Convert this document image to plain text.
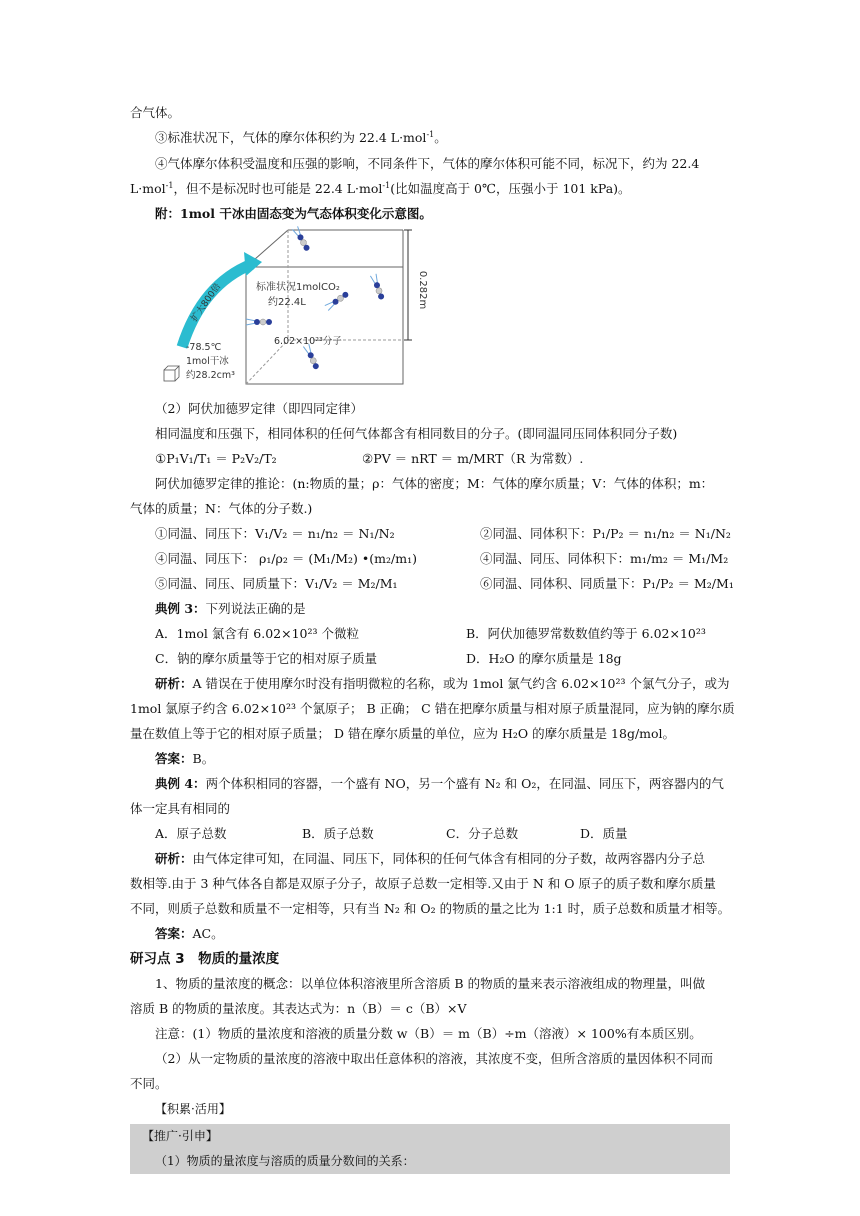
合气体。
③标准状况下，气体的摩尔体积约为 22.4 L·mol$^{-1}$。
④气体摩尔体积受温度和压强的影响，不同条件下，气体的摩尔体积可能不同，标况下，约为 22.4
L·mol$^{-1}$，但不是标况时也可能是 22.4 L·mol$^{-1}$(比如温度高于 0℃，压强小于 101 kPa)。
附：1mol 干冰由固态变为气态体积变化示意图。
0.282m
扩大800倍	标准状况1molCO₂
约22.4L
6.02×10²³分子
-78.5℃
1mol干冰
约28.2cm³
（2）阿伏加德罗定律（即四同定律）
相同温度和压强下，相同体积的任何气体都含有相同数目的分子。(即同温同压同体积同分子数)
①P₁V₁/T₁ ＝ P₂V₂/T₂	②PV ＝ nRT ＝ m/MRT（R 为常数）.
阿伏加德罗定律的推论：(n:物质的量；ρ：气体的密度；M：气体的摩尔质量；V：气体的体积；m：
气体的质量；N：气体的分子数.)
①同温、同压下：V₁/V₂ ＝ n₁/n₂ ＝ N₁/N₂	②同温、同体积下：P₁/P₂ ＝ n₁/n₂ ＝ N₁/N₂
④同温、同压下： ρ₁/ρ₂ ＝ (M₁/M₂) •(m₂/m₁)	④同温、同压、同体积下：m₁/m₂ ＝ M₁/M₂
⑤同温、同压、同质量下：V₁/V₂ ＝ M₂/M₁	⑥同温、同体积、同质量下：P₁/P₂ ＝ M₂/M₁
典例 3：下列说法正确的是
A．1mol 氯含有 6.02×10²³ 个微粒	B．阿伏加德罗常数数值约等于 6.02×10²³
C．钠的摩尔质量等于它的相对原子质量	D．H₂O 的摩尔质量是 18g
研析：A 错误在于使用摩尔时没有指明微粒的名称，或为 1mol 氯气约含 6.02×10²³ 个氯气分子，或为
1mol 氯原子约含 6.02×10²³ 个氯原子； B 正确； C 错在把摩尔质量与相对原子质量混同，应为钠的摩尔质
量在数值上等于它的相对原子质量； D 错在摩尔质量的单位，应为 H₂O 的摩尔质量是 18g/mol。
答案：B。
典例 4：两个体积相同的容器，一个盛有 NO，另一个盛有 N₂ 和 O₂，在同温、同压下，两容器内的气
体一定具有相同的
A．原子总数	B．质子总数	C．分子总数	D．质量
研析：由气体定律可知，在同温、同压下，同体积的任何气体含有相同的分子数，故两容器内分子总
数相等.由于 3 种气体各自都是双原子分子，故原子总数一定相等.又由于 N 和 O 原子的质子数和摩尔质量
不同，则质子总数和质量不一定相等，只有当 N₂ 和 O₂ 的物质的量之比为 1:1 时，质子总数和质量才相等。
答案：AC。
研习点 3　物质的量浓度
1、物质的量浓度的概念：以单位体积溶液里所含溶质 B 的物质的量来表示溶液组成的物理量，叫做
溶质 B 的物质的量浓度。其表达式为：n（B）＝ c（B）×V
注意：(1）物质的量浓度和溶液的质量分数 w（B）＝ m（B）÷m（溶液）× 100%有本质区别。
（2）从一定物质的量浓度的溶液中取出任意体积的溶液，其浓度不变，但所含溶质的量因体积不同而
不同。
【积累·活用】
【推广·引申】
（1）物质的量浓度与溶质的质量分数间的关系：
